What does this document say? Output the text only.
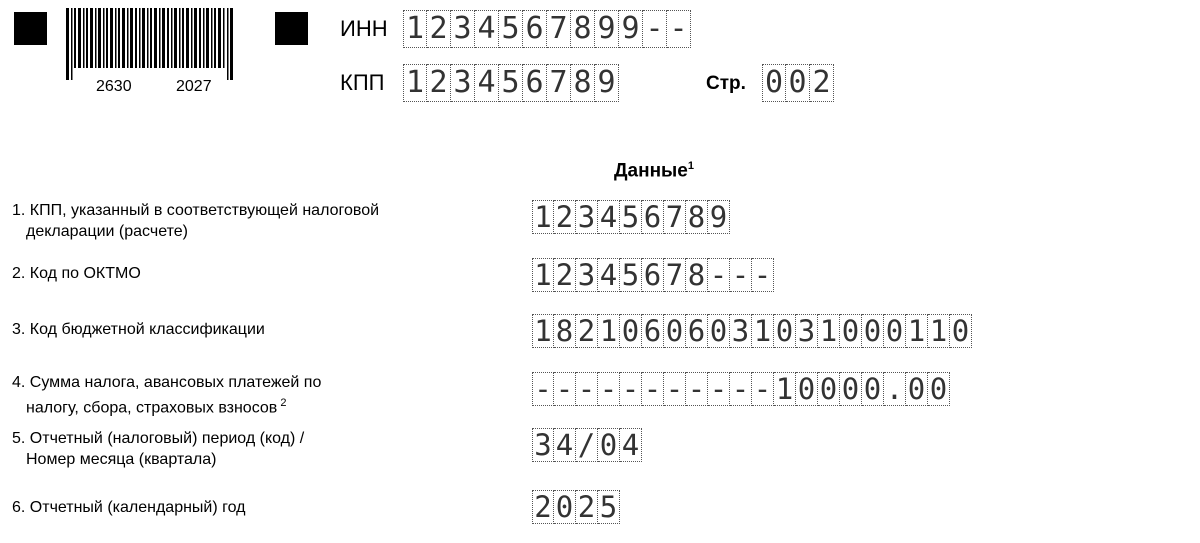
2630	2027
ИНН 1 2 3 4 5 6 7 8 9 9 - -
КПП 1 2 3 4 5 6 7 8 9	Стр. 0 0 2
Данные$^1$
1. КПП, указанный в соответствующей налоговой
декларации (расчете)	1 2 3 4 5 6 7 8 9
2. Код по ОКТМО	1 2 3 4 5 6 7 8 - - -
3. Код бюджетной классификации	1 8 2 1 0 6 0 6 0 3 1 0 3 1 0 0 0 1 1 0
4. Сумма налога, авансовых платежей по
налогу, сбора, страховых взносов $^2$	- - - - - - - - - - - 1 0 0 0 0 . 0 0
5. Отчетный (налоговый) период (код) /
Номер месяца (квартала)	3 4 / 0 4
6. Отчетный (календарный) год	2 0 2 5
